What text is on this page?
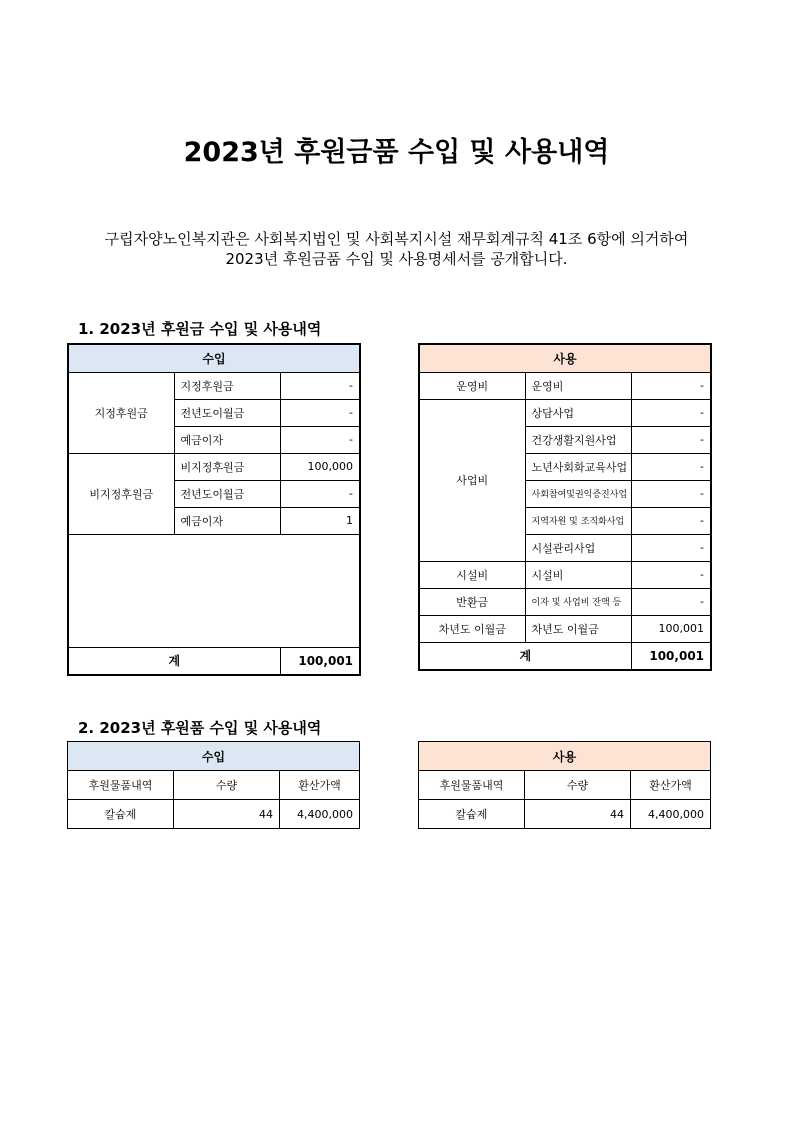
2023년 후원금품 수입 및 사용내역
구립자양노인복지관은 사회복지법인 및 사회복지시설 재무회계규칙 41조 6항에 의거하여
2023년 후원금품 수입 및 사용명세서를 공개합니다.
1. 2023년 후원금 수입 및 사용내역
수입		
지정후원금	지정후원금	-
	전년도이월금	-
	예금이자	-
비지정후원금	비지정후원금	100,000
	전년도이월금	-
	예금이자	1

계		100,001
사용		
운영비	운영비	-
사업비	상담사업	-
	건강생활지원사업	-
	노년사회화교육사업	-
	사회참여및권익증진사업	-
	지역자원 및 조직화사업	-
	시설관리사업	-
시설비	시설비	-
반환금	이자 및 사업비 잔액 등	-
차년도 이월금	차년도 이월금	100,001
계		100,001
2. 2023년 후원품 수입 및 사용내역
수입		
후원물품내역	수량	환산가액
칼슘제	44	4,400,000
사용		
후원물품내역	수량	환산가액
칼슘제	44	4,400,000
